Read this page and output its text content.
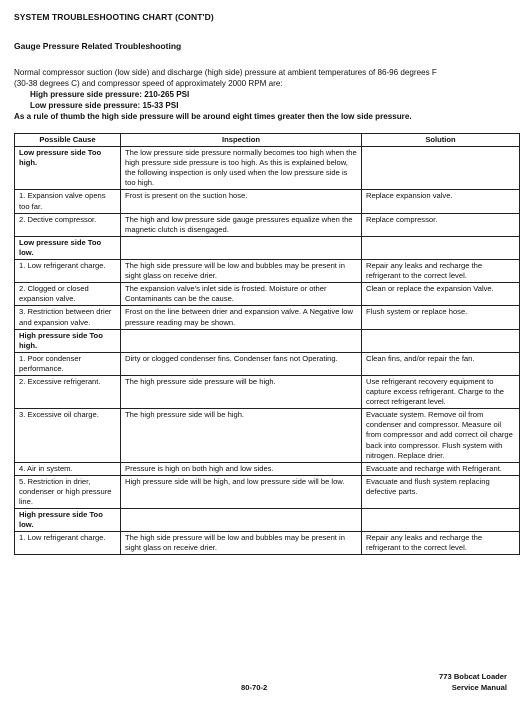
SYSTEM TROUBLESHOOTING CHART (CONT'D)
Gauge Pressure Related Troubleshooting
Normal compressor suction (low side) and discharge (high side) pressure at ambient temperatures of 86-96 degrees F
(30-38 degrees C) and compressor speed of approximately 2000 RPM are:
High pressure side pressure: 210-265 PSI
Low pressure side pressure: 15-33 PSI
As a rule of thumb the high side pressure will be around eight times greater then the low side pressure.
Possible Cause	Inspection	Solution
Low pressure side Too high.	The low pressure side pressure normally becomes too high when the high pressure side pressure is too high. As this is explained below, the following inspection is only used when the low pressure side is too high.	
1. Expansion valve opens too far.	Frost is present on the suction hose.	Replace expansion valve.
2. Dective compressor.	The high and low pressure side gauge pressures equalize when the magnetic clutch is disengaged.	Replace compressor.
Low pressure side Too low.		
1. Low refrigerant charge.	The high side pressure will be low and bubbles may be present in sight glass on receive drier.	Repair any leaks and recharge the refrigerant to the correct level.
2. Clogged or closed expansion valve.	The expansion valve's inlet side is frosted. Moisture or other Contaminants can be the cause.	Clean or replace the expansion Valve.
3. Restriction between drier and expansion valve.	Frost on the line between drier and expansion valve. A Negative low pressure reading may be shown.	Flush system or replace hose.
High pressure side Too high.		
1. Poor condenser performance.	Dirty or clogged condenser fins. Condenser fans not Operating.	Clean fins, and/or repair the fan.
2. Excessive refrigerant.	The high pressure side pressure will be high.	Use refrigerant recovery equipment to capture excess refrigerant. Charge to the correct refrigerant level.
3. Excessive oil charge.	The high pressure side will be high.	Evacuate system. Remove oil from condenser and compressor. Measure oil from compressor and add correct oil charge back into compressor. Flush system with nitrogen. Replace drier.
4. Air in system.	Pressure is high on both high and low sides.	Evacuate and recharge with Refrigerant.
5. Restriction in drier, condenser or high pressure line.	High pressure side will be high, and low pressure side will be low.	Evacuate and flush system replacing defective parts.
High pressure side Too low.		
1. Low refrigerant charge.	The high side pressure will be low and bubbles may be present in sight glass on receive drier.	Repair any leaks and recharge the refrigerant to the correct level.
80-70-2
773 Bobcat Loader
Service Manual
